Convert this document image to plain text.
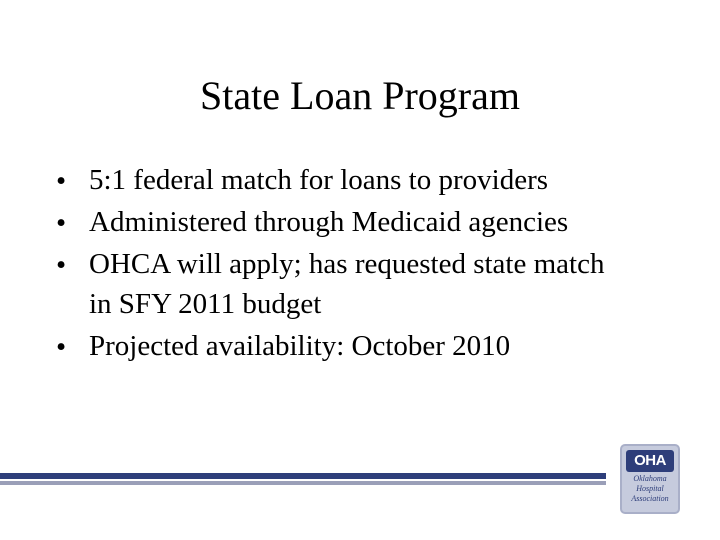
State Loan Program
• 5:1 federal match for loans to providers
• Administered through Medicaid agencies
• OHCA will apply; has requested state match
in SFY 2011 budget
• Projected availability: October 2010
OHA
Oklahoma
Hospital
Association
